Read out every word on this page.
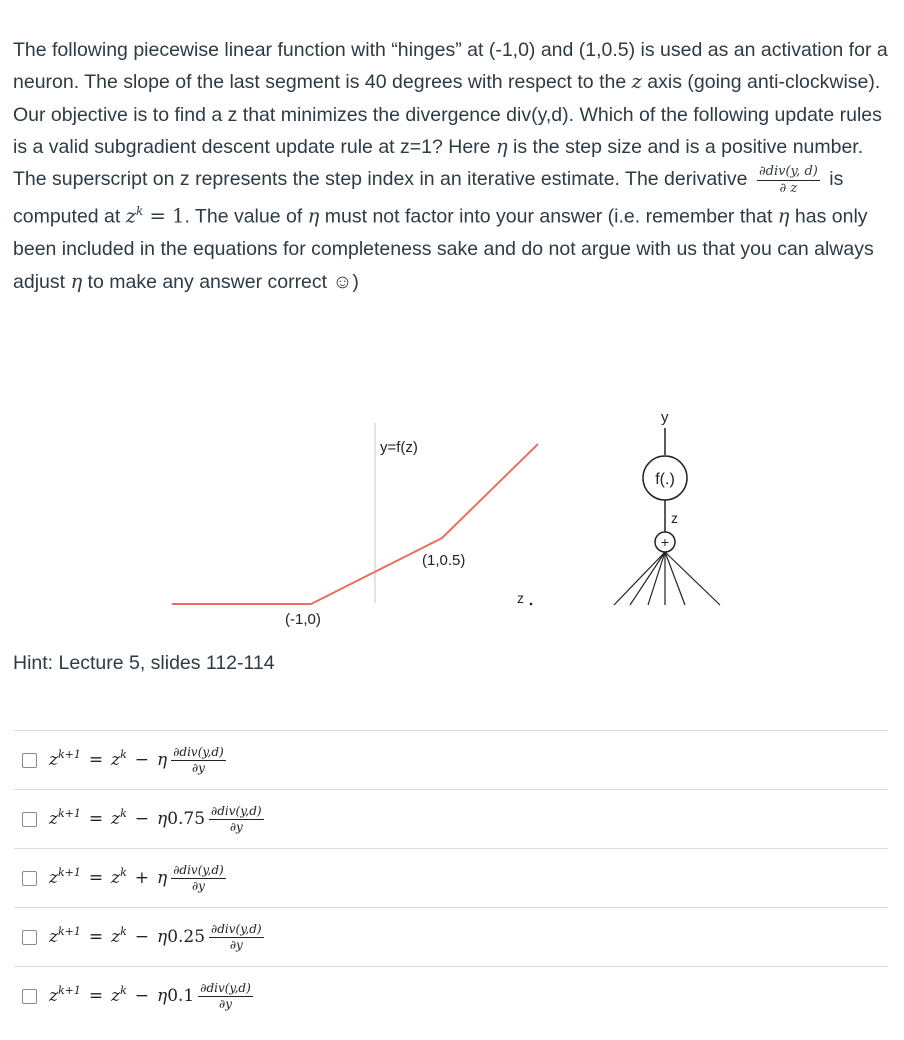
The following piecewise linear function with “hinges” at (-1,0) and (1,0.5) is used as an activation for a neuron. The slope of the last segment is 40 degrees with respect to the z axis (going anti-clockwise). Our objective is to find a z that minimizes the divergence div(y,d). Which of the following update rules is a valid subgradient descent update rule at z=1? Here η is the step size and is a positive number. The superscript on z represents the step index in an iterative estimate. The derivative $\frac{\text{∂div(y, d)}}{\partial z}$ is computed at $z^k = 1$. The value of η must not factor into your answer (i.e. remember that η has only been included in the equations for completeness sake and do not argue with us that you can always adjust η to make any answer correct ☺)

y=f(z)
(-1,0)
(1,0.5)
z
y
f(.)
z
+
Hint: Lecture 5, slides 112-114
$z^{k+1} = z^k - \eta \frac{\text{∂div(y,d)}}{\partial y}$
$z^{k+1} = z^k - \eta$ $0.75 \frac{\text{∂div(y,d)}}{\partial y}$
$z^{k+1} = z^k + \eta \frac{\text{∂div(y,d)}}{\partial y}$
$z^{k+1} = z^k - \eta$ $0.25 \frac{\text{∂div(y,d)}}{\partial y}$
$z^{k+1} = z^k - \eta$ $0.1 \frac{\text{∂div(y,d)}}{\partial y}$
